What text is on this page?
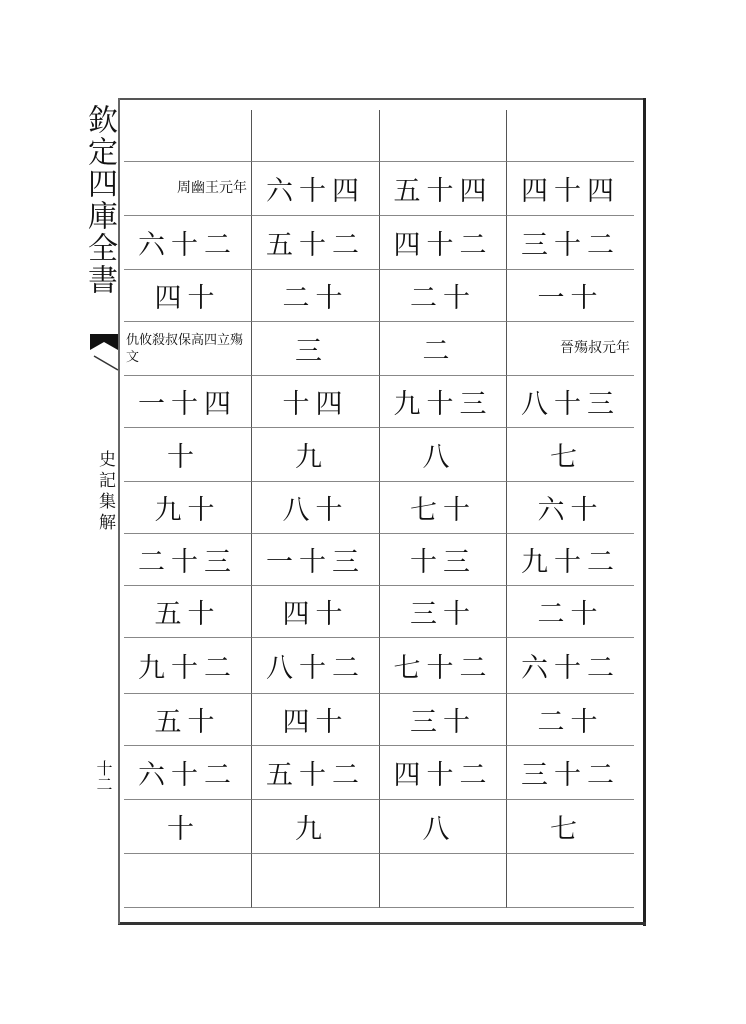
欽定四庫全書
史記集解
十二
周幽王元年 六十四	五十四	四十四
六十二	五十二	四十二	三十二
四十	二十	二十	一十
仇攸殺叔保高四立殤文	三	二	晉殤叔元年
一十四	十四	九十三	八十三
十	九	八	七
九十	八十	七十	六十
二十三	一十三	十三	九十二
五十	四十	三十	二十
九十二	八十二	七十二	六十二
五十	四十	三十	二十
六十二	五十二	四十二	三十二
十	九	八	七
